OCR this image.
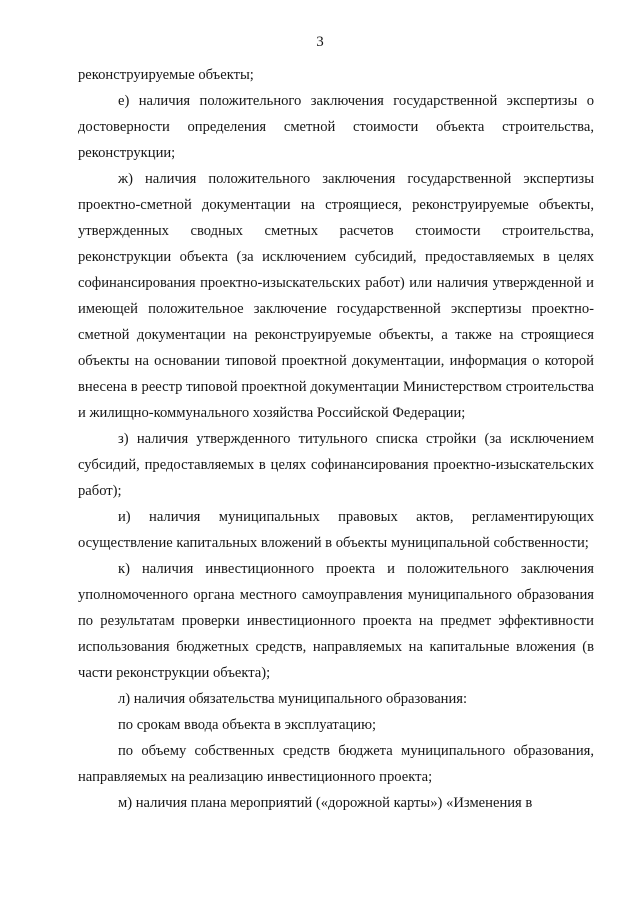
3

реконструируемые объекты;

е) наличия положительного заключения государственной экспертизы о достоверности определения сметной стоимости объекта строительства, реконструкции;

ж) наличия положительного заключения государственной экспертизы проектно-сметной документации на строящиеся, реконструируемые объекты, утвержденных сводных сметных расчетов стоимости строительства, реконструкции объекта (за исключением субсидий, предоставляемых в целях софинансирования проектно-изыскательских работ) или наличия утвержденной и имеющей положительное заключение государственной экспертизы проектно-сметной документации на реконструируемые объекты, а также на строящиеся объекты на основании типовой проектной документации, информация о которой внесена в реестр типовой проектной документации Министерством строительства и жилищно-коммунального хозяйства Российской Федерации;

з) наличия утвержденного титульного списка стройки (за исключением субсидий, предоставляемых в целях софинансирования проектно-изыскательских работ);

и) наличия муниципальных правовых актов, регламентирующих осуществление капитальных вложений в объекты муниципальной собственности;

к) наличия инвестиционного проекта и положительного заключения уполномоченного органа местного самоуправления муниципального образования по результатам проверки инвестиционного проекта на предмет эффективности использования бюджетных средств, направляемых на капитальные вложения (в части реконструкции объекта);

л) наличия обязательства муниципального образования:

по срокам ввода объекта в эксплуатацию;

по объему собственных средств бюджета муниципального образования, направляемых на реализацию инвестиционного проекта;

м) наличия плана мероприятий («дорожной карты») «Изменения в
